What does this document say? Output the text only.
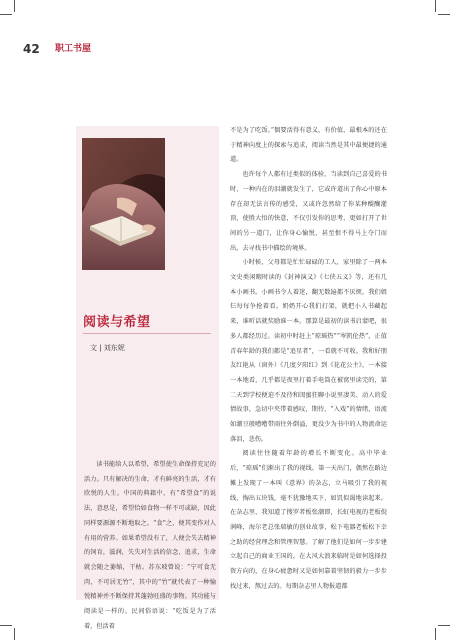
42 职工书屋
阅读与希望
文 | 刘东妮

读书能给人以希望，希望使生命保持充足的活力。只有解决的生命，才有鲜亮的生活，才有欣悦的人生。中国的典籍中，有“希望食”的说法，意思是，希望恰如食物一样不可或缺，因此同样要源源不断地取之。“食”之，便其变作对人有用的营养。如果希望没有了，人便会失去精神的饲育，滋润，失失对生活的信念，追求，生命就会随之萎缩，干枯。苏东坡曾说：“宁可食无肉，不可居无竹”，其中的“竹”就代表了一种愉悦精神并不断保持其蓬勃旺盛的事物。其功能与阅读是一样的。民间俗语说：“吃饭是为了活着，但活着

不是为了吃饭。”偶要活得有意义，有价值，最根本的还在于精神向度上的探索与追求，阅读当然是其中最便捷的通道。

也许每个人都有过类似的体验，当读到自己喜爱的书时，一种内在的泪潮就发生了，它或许道出了你心中原本存在却无法言传的感受，又或许忽然给了你某种醍醐灌顶，使胜大悟的快意，不仅引发你的思考，更如打开了世间的另一道门，让你身心愉悦，甚至恨不得马上夺门而出，去寻找书中描绘的境界。

小时候，父母都是忙忙碌碌的工人，家里除了一两本文史类闲暇时读的《封神演义》《七侠五义》等，还有几本小画书。小画书令人着迷，翻无数遍都不厌烦，我们姐仨每每争抢着看。奶奶开心我们打架，就把小人书藏起来，谁听话就奖励谁一本。那算是最初的读书启蒙吧，很多人都经历过。读初中时赶上“琼瑶热”“岑凯伦热”，正值青春年龄的我们都是“追星者”，一看就不可收。我和好朋友红艳从（窗外）《几度夕阳红》到《花花公主》，一本接一本地看，几乎都是夜里打着手电筒在被窝里读完的，第二天到学校便迫不及待和闺蜜狂聊小说里凄美、动人的爱情故事，急切中夹带着感叹，期待，“入戏”的情绪，语流如潮豆般嘈嘈带雨往外倒溢，更没少为书中的人物流命运落泪，悲伤。

阅读往往随着年龄的增长不断变化。高中毕业后，“琼瑶”们渐出了我的视线。第一天出门，偶然在路边摊上发现了一本叫《意界》的杂志，立马吸引了我的视线，掏出五块钱，毫不犹豫地买下，如饥似渴地读起来。在杂志里，我知道了搜罗者板张潮即，长虹电视的老板倪润峰，海尔老总张瑞敏的创业故事，松下电器老板松下幸之助的经营理念和管理智慧。了解了他们是如何一步步建立起自己的商业王国的，在大风大浪来临时是如何选择投资方向的，在身心疲惫时又是如何靠着坚韧的毅力一步步找过来，熬过去的。每期杂志里人物报道都
